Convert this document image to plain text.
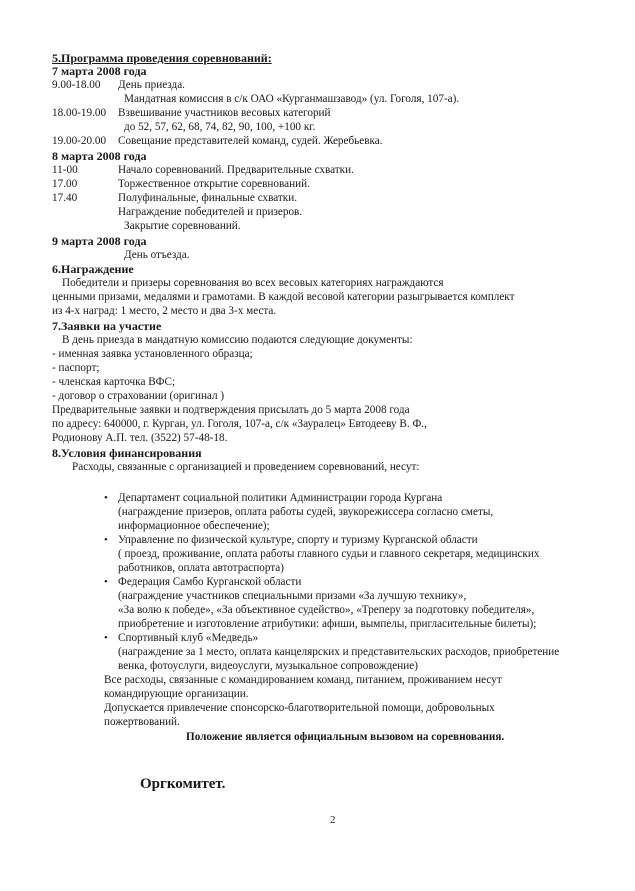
5.Программа проведения соревнований:
7 марта 2008 года
9.00-18.00 День приезда.
Мандатная комиссия в с/к ОАО «Курганмашзавод» (ул. Гоголя, 107-а).
18.00-19.00 Взвешивание участников весовых категорий
до 52, 57, 62, 68, 74, 82, 90, 100, +100 кг.
19.00-20.00 Совещание представителей команд, судей. Жеребьевка.
8 марта 2008 года
11-00	Начало соревнований. Предварительные схватки.
17.00	Торжественное открытие соревнований.
17.40	Полуфинальные, финальные схватки.
Награждение победителей и призеров.
Закрытие соревнований.
9 марта 2008 года
День отъезда.
6.Награждение
Победители и призеры соревнования во всех весовых категориях награждаются
ценными призами, медалями и грамотами. В каждой весовой категории разыгрывается комплект
из 4-х наград: 1 место, 2 место и два 3-х места.
7.Заявки на участие
В день приезда в мандатную комиссию подаются следующие документы:
- именная заявка установленного образца;
- паспорт;
- членская карточка ВФС;
- договор о страховании (оригинал )
Предварительные заявки и подтверждения присылать до 5 марта 2008 года
по адресу: 640000, г. Курган, ул. Гоголя, 107-а, с/к «Зауралец» Евтодееву В. Ф.,
Родионову А.П. тел. (3522) 57-48-18.
8.Условия финансирования
Расходы, связанные с организацией и проведением соревнований, несут:
Департамент социальной политики Администрации города Кургана
(награждение призеров, оплата работы судей, звукорежиссера согласно сметы,
информационное обеспечение);
Управление по физической культуре, спорту и туризму Курганской области
( проезд, проживание, оплата работы главного судьи и главного секретаря, медицинских
работников, оплата автотраспорта)
Федерация Самбо Курганской области
(награждение участников специальными призами «За лучшую технику»,
«За волю к победе», «За объективное судейство», «Треперу за подготовку победителя»,
приобретение и изготовление атрибутики: афиши, вымпелы, пригласительные билеты);
Спортивный клуб «Медведь»
(награждение за 1 место, оплата канцелярских и представительских расходов, приобретение
венка, фотоуслуги, видеоуслуги, музыкальное сопровождение)
Все расходы, связанные с командированием команд, питанием, проживанием несут
командирующие организации.
Допускается привлечение спонсорско-благотворительной помощи, добровольных
пожертвований.
Положение является официальным вызовом на соревнования.
•
•
•
•
Оргкомитет.
2
